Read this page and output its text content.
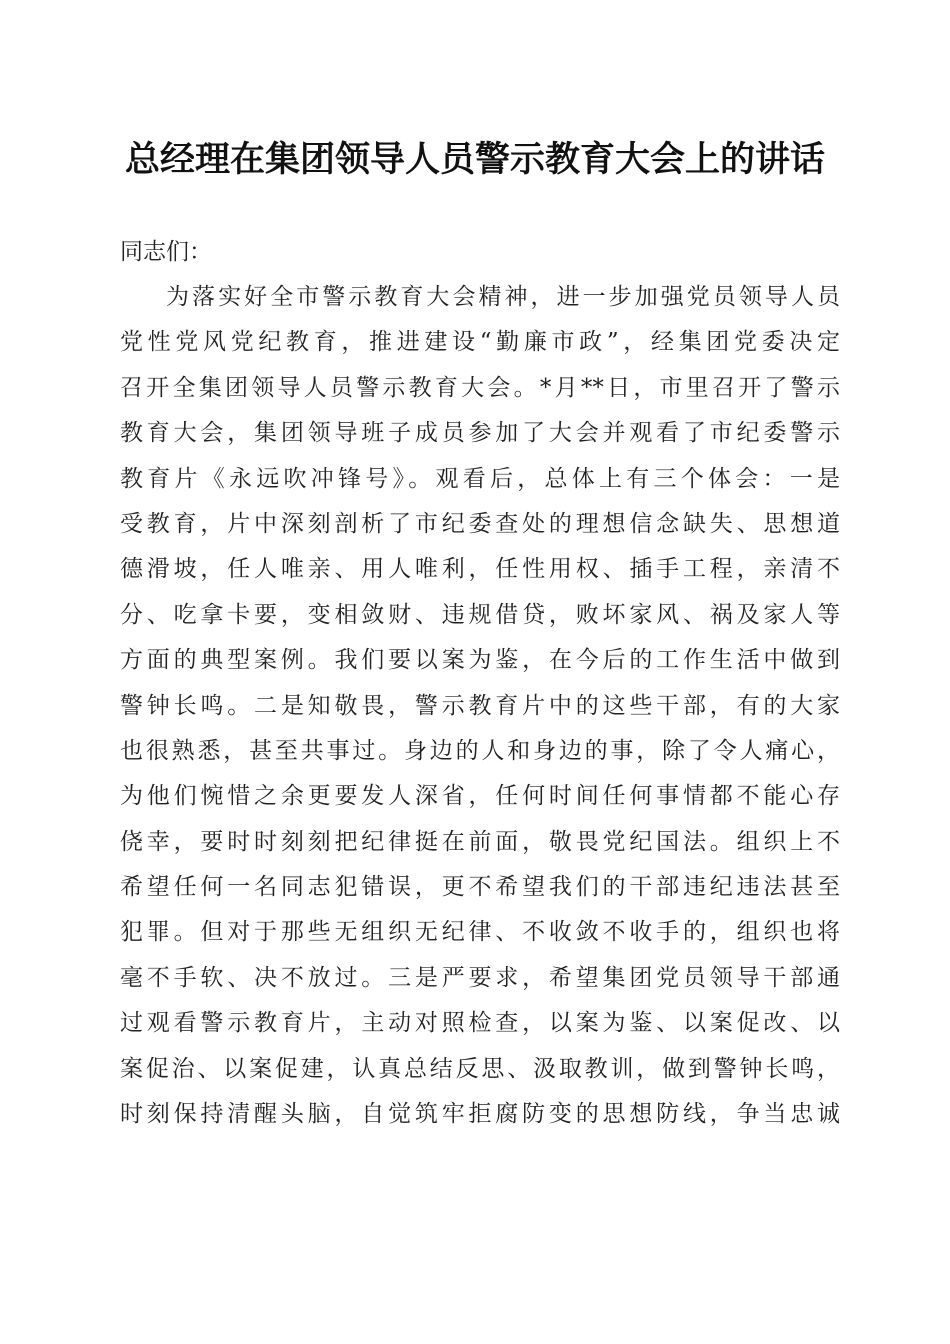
总经理在集团领导人员警示教育大会上的讲话
同志们：
为落实好全市警示教育大会精神，进一步加强党员领导人员
党性党风党纪教育，推进建设“勤廉市政”，经集团党委决定
召开全集团领导人员警示教育大会。*月**日，市里召开了警示
教育大会，集团领导班子成员参加了大会并观看了市纪委警示
教育片《永远吹冲锋号》。观看后，总体上有三个体会：一是
受教育，片中深刻剖析了市纪委查处的理想信念缺失、思想道
德滑坡，任人唯亲、用人唯利，任性用权、插手工程，亲清不
分、吃拿卡要，变相敛财、违规借贷，败坏家风、祸及家人等
方面的典型案例。我们要以案为鉴，在今后的工作生活中做到
警钟长鸣。二是知敬畏，警示教育片中的这些干部，有的大家
也很熟悉，甚至共事过。身边的人和身边的事，除了令人痛心，
为他们惋惜之余更要发人深省，任何时间任何事情都不能心存
侥幸，要时时刻刻把纪律挺在前面，敬畏党纪国法。组织上不
希望任何一名同志犯错误，更不希望我们的干部违纪违法甚至
犯罪。但对于那些无组织无纪律、不收敛不收手的，组织也将
毫不手软、决不放过。三是严要求，希望集团党员领导干部通
过观看警示教育片，主动对照检查，以案为鉴、以案促改、以
案促治、以案促建，认真总结反思、汲取教训，做到警钟长鸣，
时刻保持清醒头脑，自觉筑牢拒腐防变的思想防线，争当忠诚
